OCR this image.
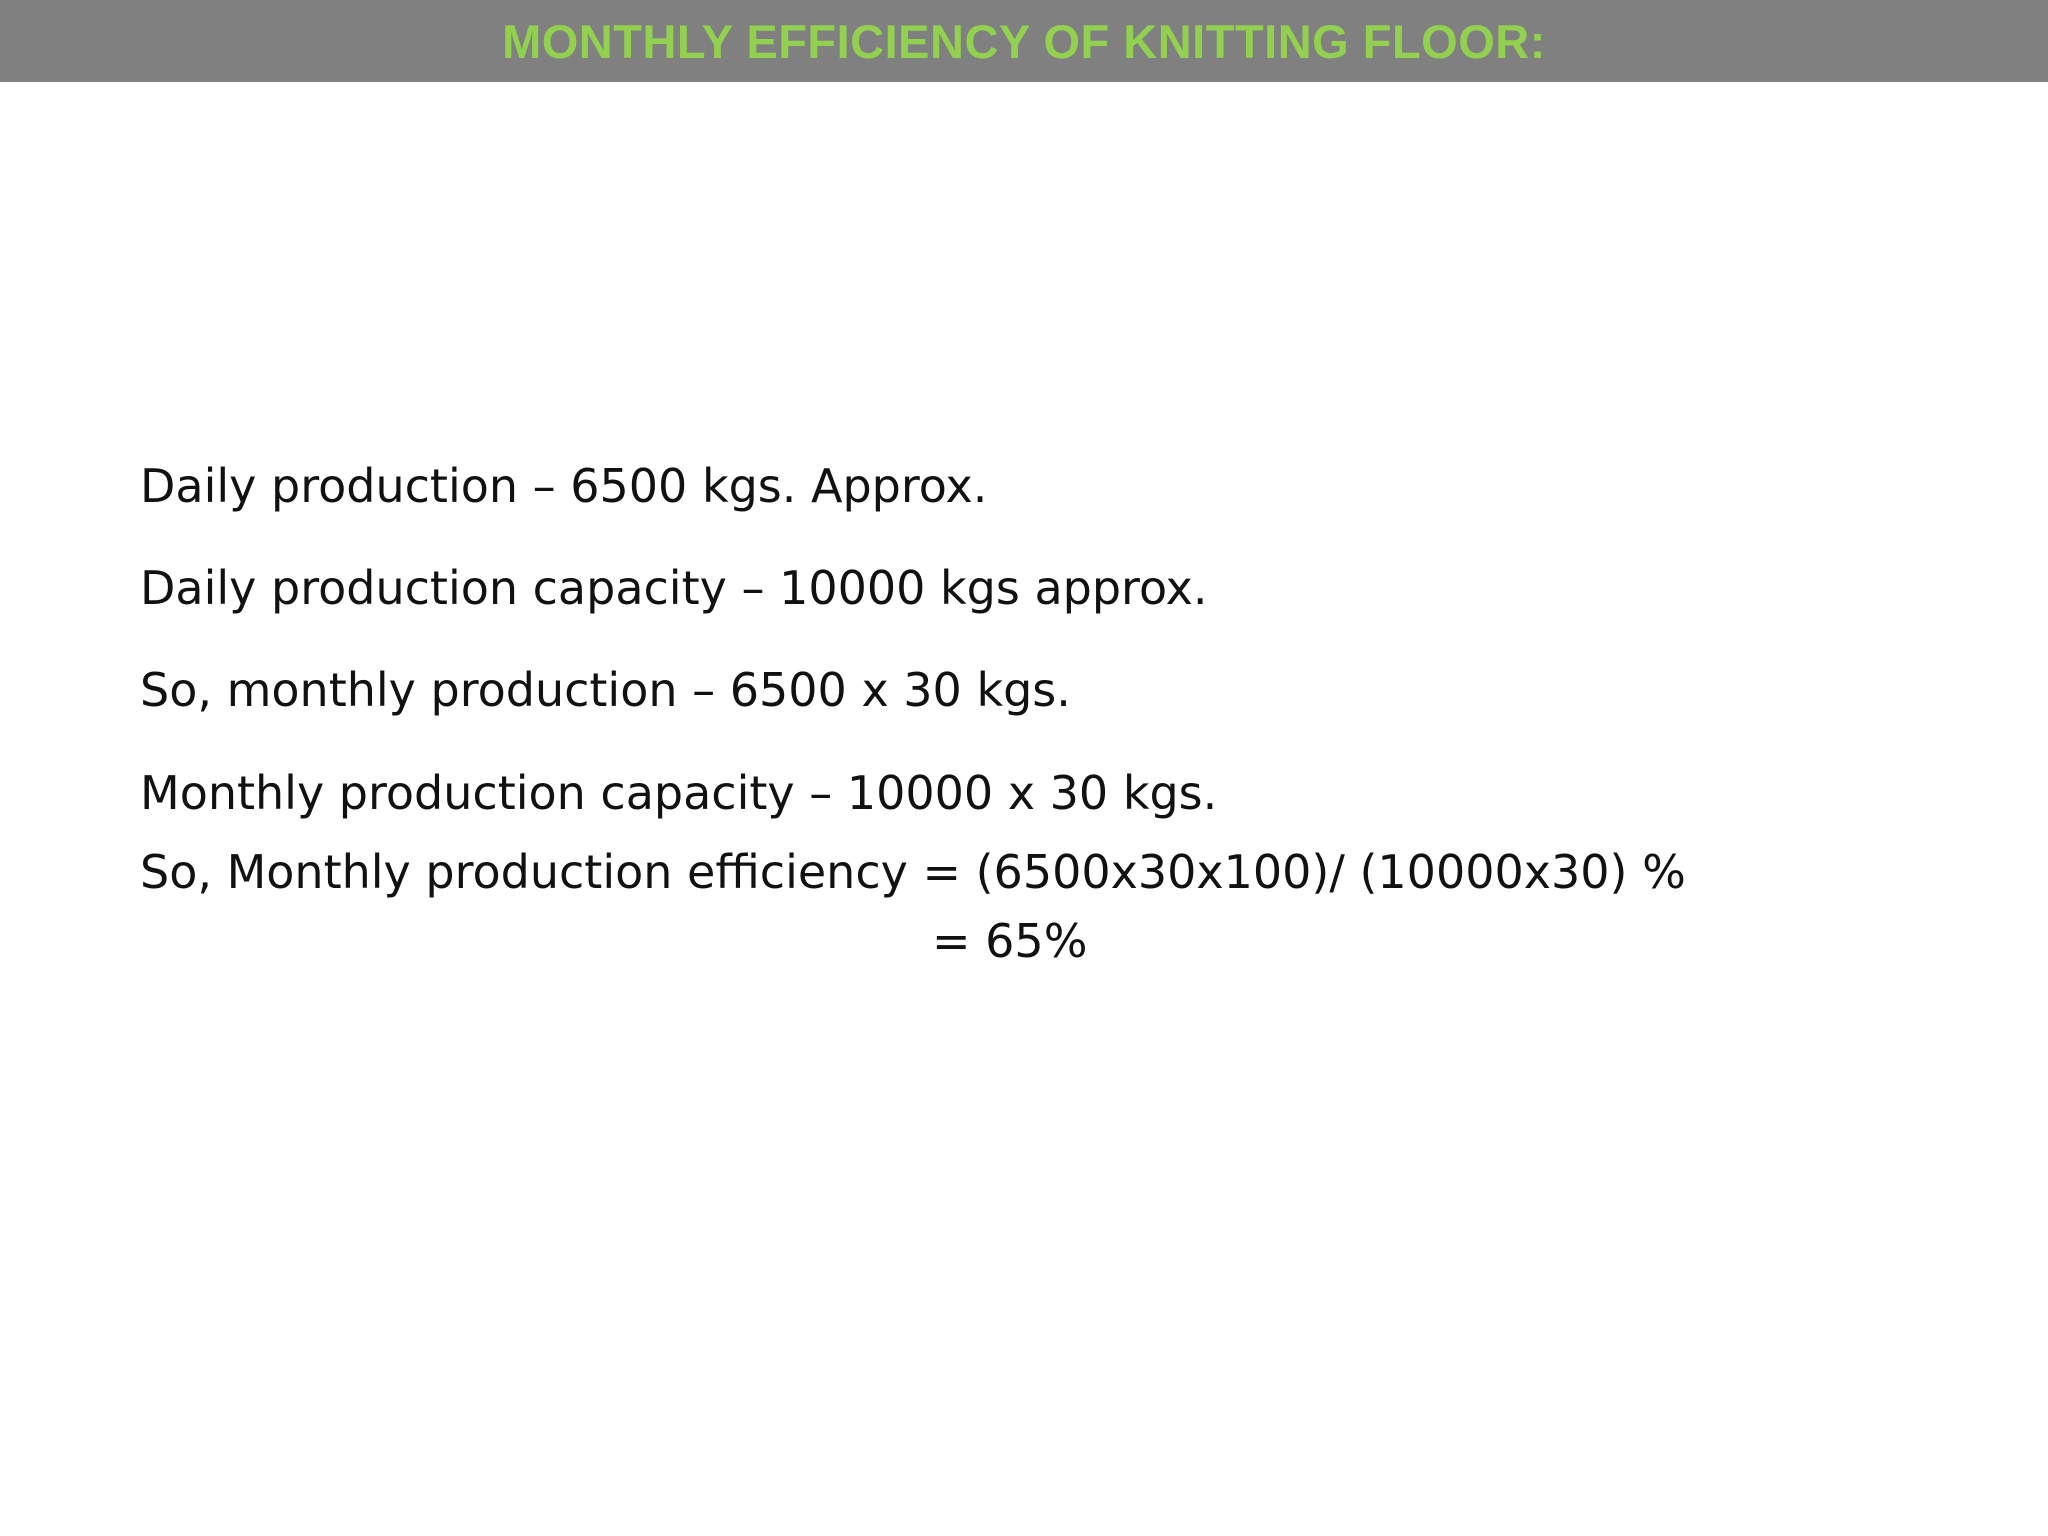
MONTHLY EFFICIENCY OF KNITTING FLOOR:
Daily production – 6500 kgs. Approx.
Daily production capacity – 10000 kgs approx.
So, monthly production – 6500 x 30 kgs.
Monthly production capacity – 10000 x 30 kgs.
So, Monthly production efficiency = (6500x30x100)/ (10000x30) %
= 65%
